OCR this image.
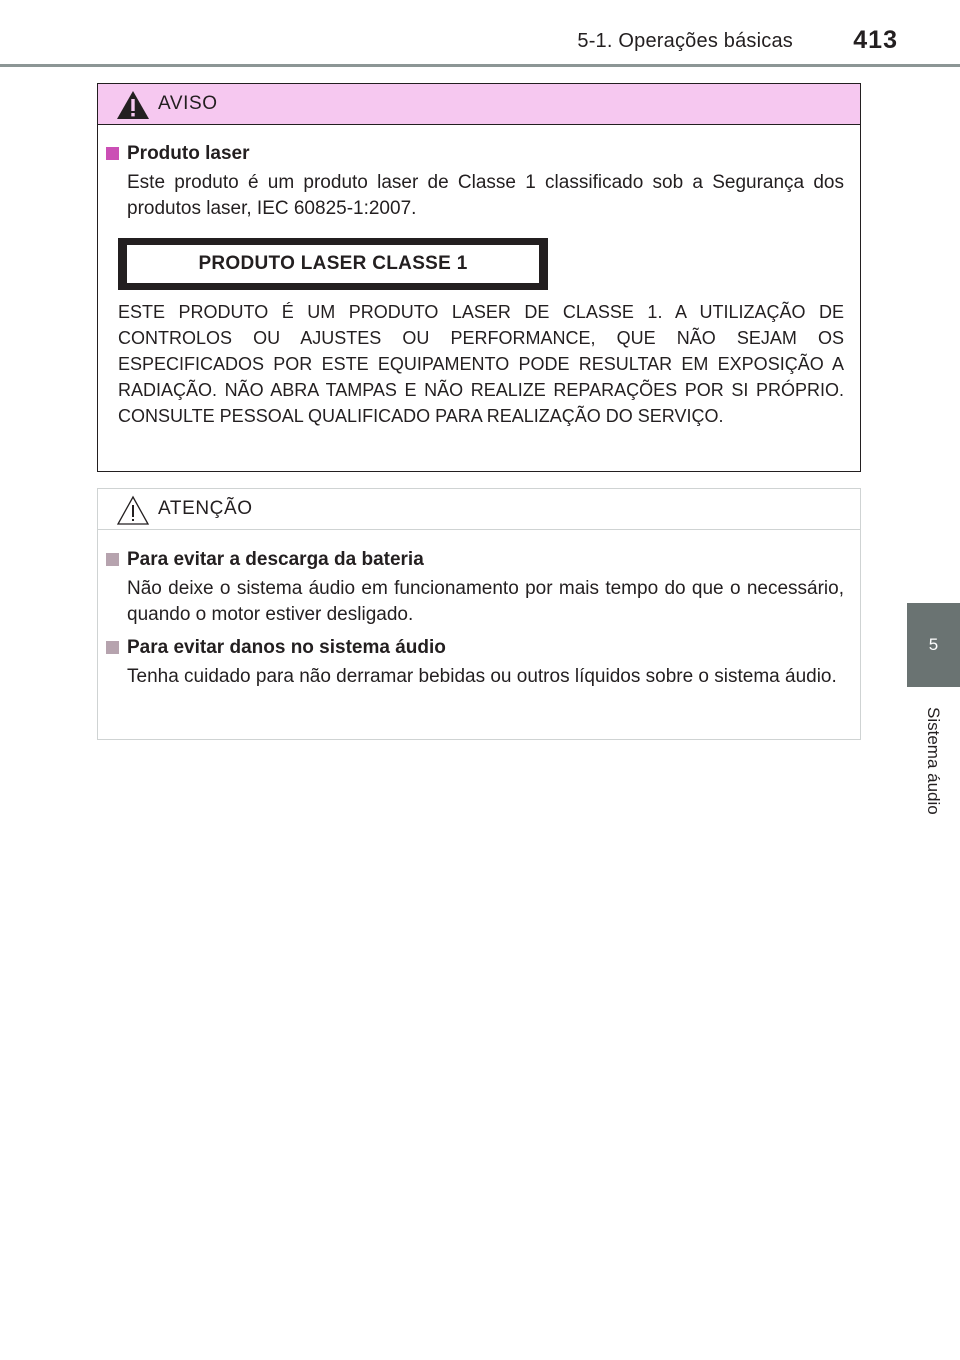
5-1. Operações básicas	413
5
Sistema áudio
AVISO
Produto laser
Este produto é um produto laser de Classe 1 classificado sob a Segurança dos produtos laser, IEC 60825-1:2007.
PRODUTO LASER CLASSE 1
ESTE PRODUTO É UM PRODUTO LASER DE CLASSE 1. A UTILIZAÇÃO DE CONTROLOS OU AJUSTES OU PERFORMANCE, QUE NÃO SEJAM OS ESPECIFICADOS POR ESTE EQUIPAMENTO PODE RESULTAR EM EXPOSIÇÃO A RADIAÇÃO. NÃO ABRA TAMPAS E NÃO REALIZE REPARAÇÕES POR SI PRÓPRIO. CONSULTE PESSOAL QUALIFICADO PARA REALIZAÇÃO DO SERVIÇO.
ATENÇÃO
Para evitar a descarga da bateria
Não deixe o sistema áudio em funcionamento por mais tempo do que o necessário, quando o motor estiver desligado.
Para evitar danos no sistema áudio
Tenha cuidado para não derramar bebidas ou outros líquidos sobre o sistema áudio.
